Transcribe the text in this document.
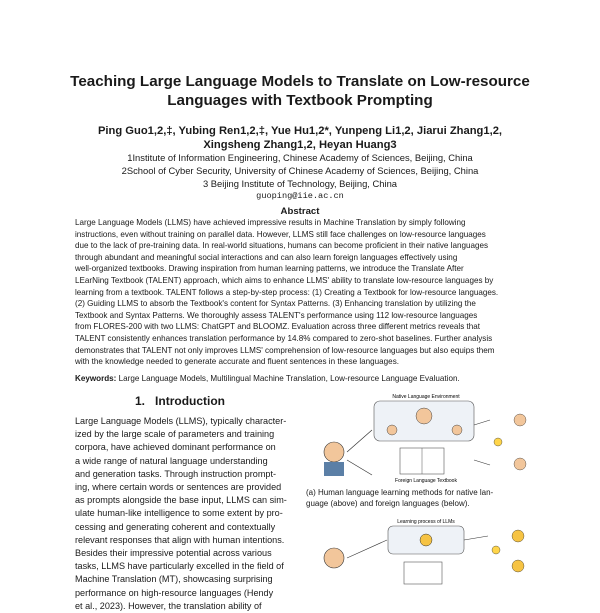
Teaching Large Language Models to Translate on Low-resource
Languages with Textbook Prompting
Ping Guo1,2,‡, Yubing Ren1,2,‡, Yue Hu1,2*, Yunpeng Li1,2, Jiarui Zhang1,2,
Xingsheng Zhang1,2, Heyan Huang3
1Institute of Information Engineering, Chinese Academy of Sciences, Beijing, China
2School of Cyber Security, University of Chinese Academy of Sciences, Beijing, China
3 Beijing Institute of Technology, Beijing, China
guoping@iie.ac.cn
Abstract
Large Language Models (LLMS) have achieved impressive results in Machine Translation by simply following
instructions, even without training on parallel data. However, LLMS still face challenges on low-resource languages
due to the lack of pre-training data. In real-world situations, humans can become proficient in their native languages
through abundant and meaningful social interactions and can also learn foreign languages effectively using
well-organized textbooks. Drawing inspiration from human learning patterns, we introduce the Translate After
LEarNing Textbook (TALENT) approach, which aims to enhance LLMS' ability to translate low-resource languages by
learning from a textbook. TALENT follows a step-by-step process: (1) Creating a Textbook for low-resource languages.
(2) Guiding LLMS to absorb the Textbook's content for Syntax Patterns. (3) Enhancing translation by utilizing the
Textbook and Syntax Patterns. We thoroughly assess TALENT's performance using 112 low-resource languages
from FLORES-200 with two LLMS: ChatGPT and BLOOMZ. Evaluation across three different metrics reveals that
TALENT consistently enhances translation performance by 14.8% compared to zero-shot baselines. Further analysis
demonstrates that TALENT not only improves LLMS' comprehension of low-resource languages but also equips them
with the knowledge needed to generate accurate and fluent sentences in these languages.
Keywords: Large Language Models, Multilingual Machine Translation, Low-resource Language Evaluation.
1. Introduction
Large Language Models (LLMS), typically character-
ized by the large scale of parameters and training
corpora, have achieved dominant performance on
a wide range of natural language understanding
and generation tasks. Through instruction prompt-
ing, where certain words or sentences are provided
as prompts alongside the base input, LLMS can sim-
ulate human-like intelligence to some extent by pro-
cessing and generating coherent and contextually
relevant responses that align with human intentions.
Besides their impressive potential across various
tasks, LLMS have particularly excelled in the field of
Machine Translation (MT), showcasing surprising
performance on high-resource languages (Hendy
et al., 2023). However, the translation ability of
Native Language Environment
Foreign Language Textbook
Learning process of LLMs
(a) Human language learning methods for native lan-
guage (above) and foreign languages (below).
